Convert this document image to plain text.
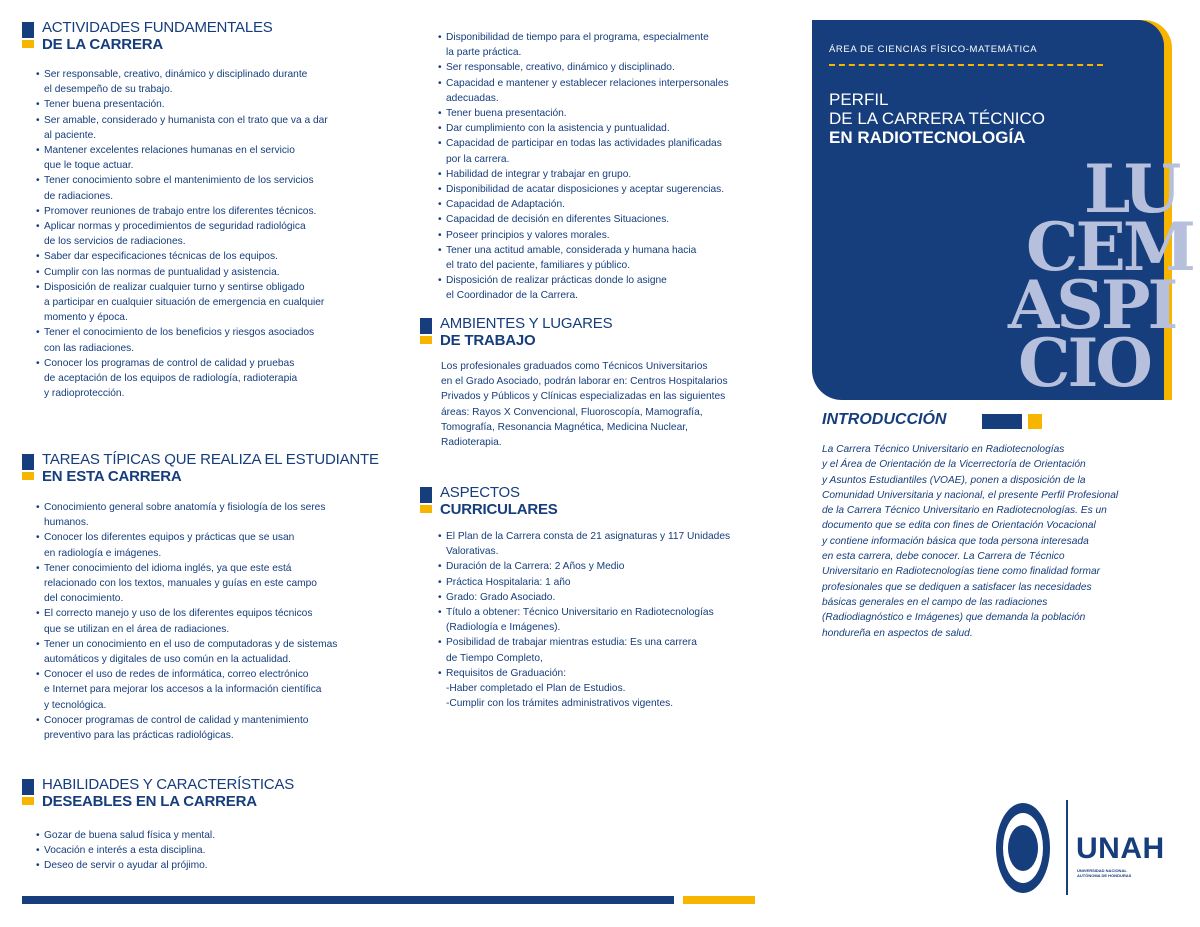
ACTIVIDADES FUNDAMENTALES
DE LA CARRERA
• Ser responsable, creativo, dinámico y disciplinado durante
el desempeño de su trabajo.
• Tener buena presentación.
• Ser amable, considerado y humanista con el trato que va a dar
al paciente.
• Mantener excelentes relaciones humanas en el servicio
que le toque actuar.
• Tener conocimiento sobre el mantenimiento de los servicios
de radiaciones.
• Promover reuniones de trabajo entre los diferentes técnicos.
• Aplicar normas y procedimientos de seguridad radiológica
de los servicios de radiaciones.
• Saber dar especificaciones técnicas de los equipos.
• Cumplir con las normas de puntualidad y asistencia.
• Disposición de realizar cualquier turno y sentirse obligado
a participar en cualquier situación de emergencia en cualquier
momento y época.
• Tener el conocimiento de los beneficios y riesgos asociados
con las radiaciones.
• Conocer los programas de control de calidad y pruebas
de aceptación de los equipos de radiología, radioterapia
y radioprotección.
TAREAS TÍPICAS QUE REALIZA EL ESTUDIANTE
EN ESTA CARRERA
• Conocimiento general sobre anatomía y fisiología de los seres
humanos.
• Conocer los diferentes equipos y prácticas que se usan
en radiología e imágenes.
• Tener conocimiento del idioma inglés, ya que este está
relacionado con los textos, manuales y guías en este campo
del conocimiento.
• El correcto manejo y uso de los diferentes equipos técnicos
que se utilizan en el área de radiaciones.
• Tener un conocimiento en el uso de computadoras y de sistemas
automáticos y digitales de uso común en la actualidad.
• Conocer el uso de redes de informática, correo electrónico
e Internet para mejorar los accesos a la información científica
y tecnológica.
• Conocer programas de control de calidad y mantenimiento
preventivo para las prácticas radiológicas.
HABILIDADES Y CARACTERÍSTICAS
DESEABLES EN LA CARRERA
• Gozar de buena salud física y mental.
• Vocación e interés a esta disciplina.
• Deseo de servir o ayudar al prójimo.
• Disponibilidad de tiempo para el programa, especialmente
la parte práctica.
• Ser responsable, creativo, dinámico y disciplinado.
• Capacidad e mantener y establecer relaciones interpersonales
adecuadas.
• Tener buena presentación.
• Dar cumplimiento con la asistencia y puntualidad.
• Capacidad de participar en todas las actividades planificadas
por la carrera.
• Habilidad de integrar y trabajar en grupo.
• Disponibilidad de acatar disposiciones y aceptar sugerencias.
• Capacidad de Adaptación.
• Capacidad de decisión en diferentes Situaciones.
• Poseer principios y valores morales.
• Tener una actitud amable, considerada y humana hacia
el trato del paciente, familiares y público.
• Disposición de realizar prácticas donde lo asigne
el Coordinador de la Carrera.
AMBIENTES Y LUGARES
DE TRABAJO

Los profesionales graduados como Técnicos Universitarios
en el Grado Asociado, podrán laborar en: Centros Hospitalarios
Privados y Públicos y Clínicas especializadas en las siguientes
áreas: Rayos X Convencional, Fluoroscopía, Mamografía,
Tomografía, Resonancia Magnética, Medicina Nuclear,
Radioterapia.

ASPECTOS
CURRICULARES
• El Plan de la Carrera consta de 21 asignaturas y 117 Unidades
Valorativas.
• Duración de la Carrera: 2 Años y Medio
• Práctica Hospitalaria: 1 año
• Grado: Grado Asociado.
• Título a obtener: Técnico Universitario en Radiotecnologías
(Radiología e Imágenes).
• Posibilidad de trabajar mientras estudia: Es una carrera
de Tiempo Completo,
• Requisitos de Graduación:
-Haber completado el Plan de Estudios.
-Cumplir con los trámites administrativos vigentes.
ÁREA DE CIENCIAS FÍSICO-MATEMÁTICA
PERFIL
DE LA CARRERA TÉCNICO
EN RADIOTECNOLOGÍA
LU
CEM
ASPI
CIO
INTRODUCCIÓN

La Carrera Técnico Universitario en Radiotecnologías
y el Área de Orientación de la Vicerrectoría de Orientación
y Asuntos Estudiantiles (VOAE), ponen a disposición de la
Comunidad Universitaria y nacional, el presente Perfil Profesional
de la Carrera Técnico Universitario en Radiotecnologías. Es un
documento que se edita con fines de Orientación Vocacional
y contiene información básica que toda persona interesada
en esta carrera, debe conocer. La Carrera de Técnico
Universitario en Radiotecnologías tiene como finalidad formar
profesionales que se dediquen a satisfacer las necesidades
básicas generales en el campo de las radiaciones
(Radiodiagnóstico e Imágenes) que demanda la población
hondureña en aspectos de salud.

UNAH
UNIVERSIDAD NACIONAL
AUTÓNOMA DE HONDURAS
